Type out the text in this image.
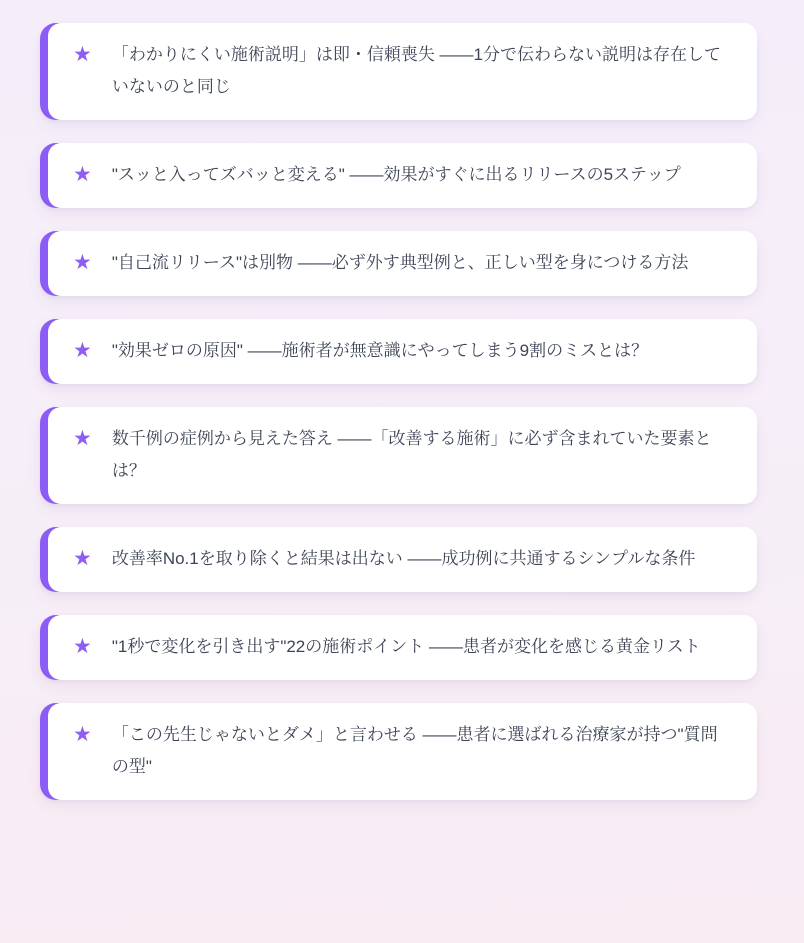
★ 「わかりにくい施術説明」は即・信頼喪失 ——1分で伝わらない説明は存在していないのと同じ

★ "スッと入ってズバッと変える" ——効果がすぐに出るリリースの5ステップ

★ "自己流リリース"は別物 ——必ず外す典型例と、正しい型を身につける方法

★ "効果ゼロの原因" ——施術者が無意識にやってしまう9割のミスとは？

★ 数千例の症例から見えた答え ——「改善する施術」に必ず含まれていた要素とは？

★ 改善率No.1を取り除くと結果は出ない ——成功例に共通するシンプルな条件

★ "1秒で変化を引き出す"22の施術ポイント ——患者が変化を感じる黄金リスト

★ 「この先生じゃないとダメ」と言わせる ——患者に選ばれる治療家が持つ"質問の型"
